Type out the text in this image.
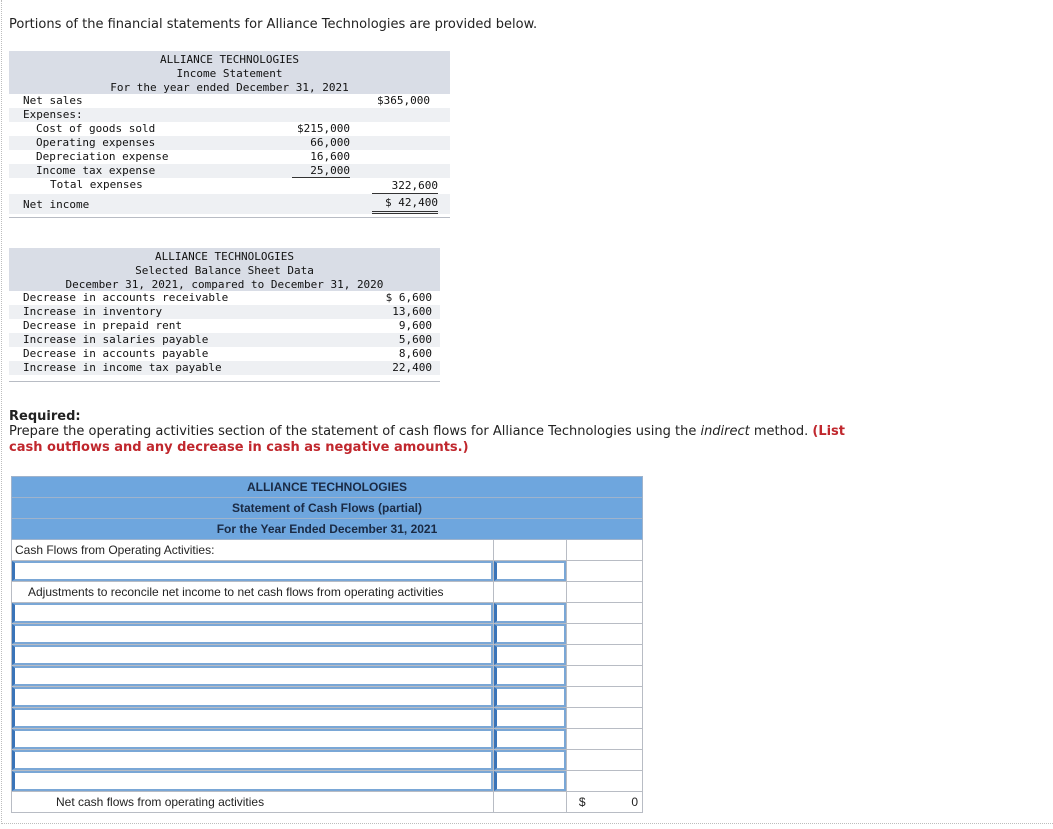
Portions of the financial statements for Alliance Technologies are provided below.
ALLIANCE TECHNOLOGIES
Income Statement
For the year ended December 31, 2021
Net sales	$365,000
Expenses:
Cost of goods sold	$215,000
Operating expenses	66,000
Depreciation expense	16,600
Income tax expense	25,000
Total expenses	322,600
Net income	$ 42,400
ALLIANCE TECHNOLOGIES
Selected Balance Sheet Data
December 31, 2021, compared to December 31, 2020
Decrease in accounts receivable	$ 6,600
Increase in inventory	13,600
Decrease in prepaid rent	9,600
Increase in salaries payable	5,600
Decrease in accounts payable	8,600
Increase in income tax payable	22,400
Required:
Prepare the operating activities section of the statement of cash flows for Alliance Technologies using the indirect method. (List cash outflows and any decrease in cash as negative amounts.)
ALLIANCE TECHNOLOGIES		
Statement of Cash Flows (partial)		
For the Year Ended December 31, 2021		
Cash Flows from Operating Activities:		

Adjustments to reconcile net income to net cash flows from operating activities		

Net cash flows from operating activities		$ 0
